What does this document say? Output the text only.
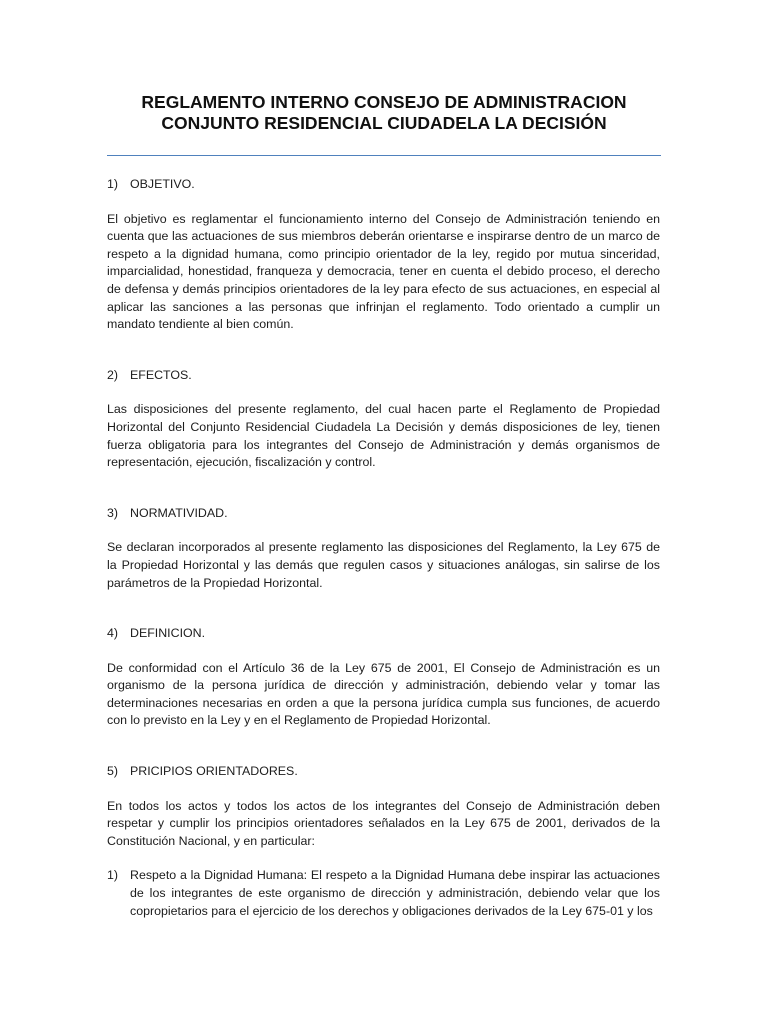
REGLAMENTO INTERNO CONSEJO DE ADMINISTRACION
CONJUNTO RESIDENCIAL CIUDADELA LA DECISIÓN

1) OBJETIVO.

El objetivo es reglamentar el funcionamiento interno del Consejo de Administración teniendo en cuenta que las actuaciones de sus miembros deberán orientarse e inspirarse dentro de un marco de respeto a la dignidad humana, como principio orientador de la ley, regido por mutua sinceridad, imparcialidad, honestidad, franqueza y democracia, tener en cuenta el debido proceso, el derecho de defensa y demás principios orientadores de la ley para efecto de sus actuaciones, en especial al aplicar las sanciones a las personas que infrinjan el reglamento. Todo orientado a cumplir un mandato tendiente al bien común.

2) EFECTOS.

Las disposiciones del presente reglamento, del cual hacen parte el Reglamento de Propiedad Horizontal del Conjunto Residencial Ciudadela La Decisión y demás disposiciones de ley, tienen fuerza obligatoria para los integrantes del Consejo de Administración y demás organismos de representación, ejecución, fiscalización y control.

3) NORMATIVIDAD.

Se declaran incorporados al presente reglamento las disposiciones del Reglamento, la Ley 675 de la Propiedad Horizontal y las demás que regulen casos y situaciones análogas, sin salirse de los parámetros de la Propiedad Horizontal.

4) DEFINICION.

De conformidad con el Artículo 36 de la Ley 675 de 2001, El Consejo de Administración es un organismo de la persona jurídica de dirección y administración, debiendo velar y tomar las determinaciones necesarias en orden a que la persona jurídica cumpla sus funciones, de acuerdo con lo previsto en la Ley y en el Reglamento de Propiedad Horizontal.

5) PRICIPIOS ORIENTADORES.

En todos los actos y todos los actos de los integrantes del Consejo de Administración deben respetar y cumplir los principios orientadores señalados en la Ley 675 de 2001, derivados de la Constitución Nacional, y en particular:

1) Respeto a la Dignidad Humana: El respeto a la Dignidad Humana debe inspirar las actuaciones de los integrantes de este organismo de dirección y administración, debiendo velar que los copropietarios para el ejercicio de los derechos y obligaciones derivados de la Ley 675-01 y los
